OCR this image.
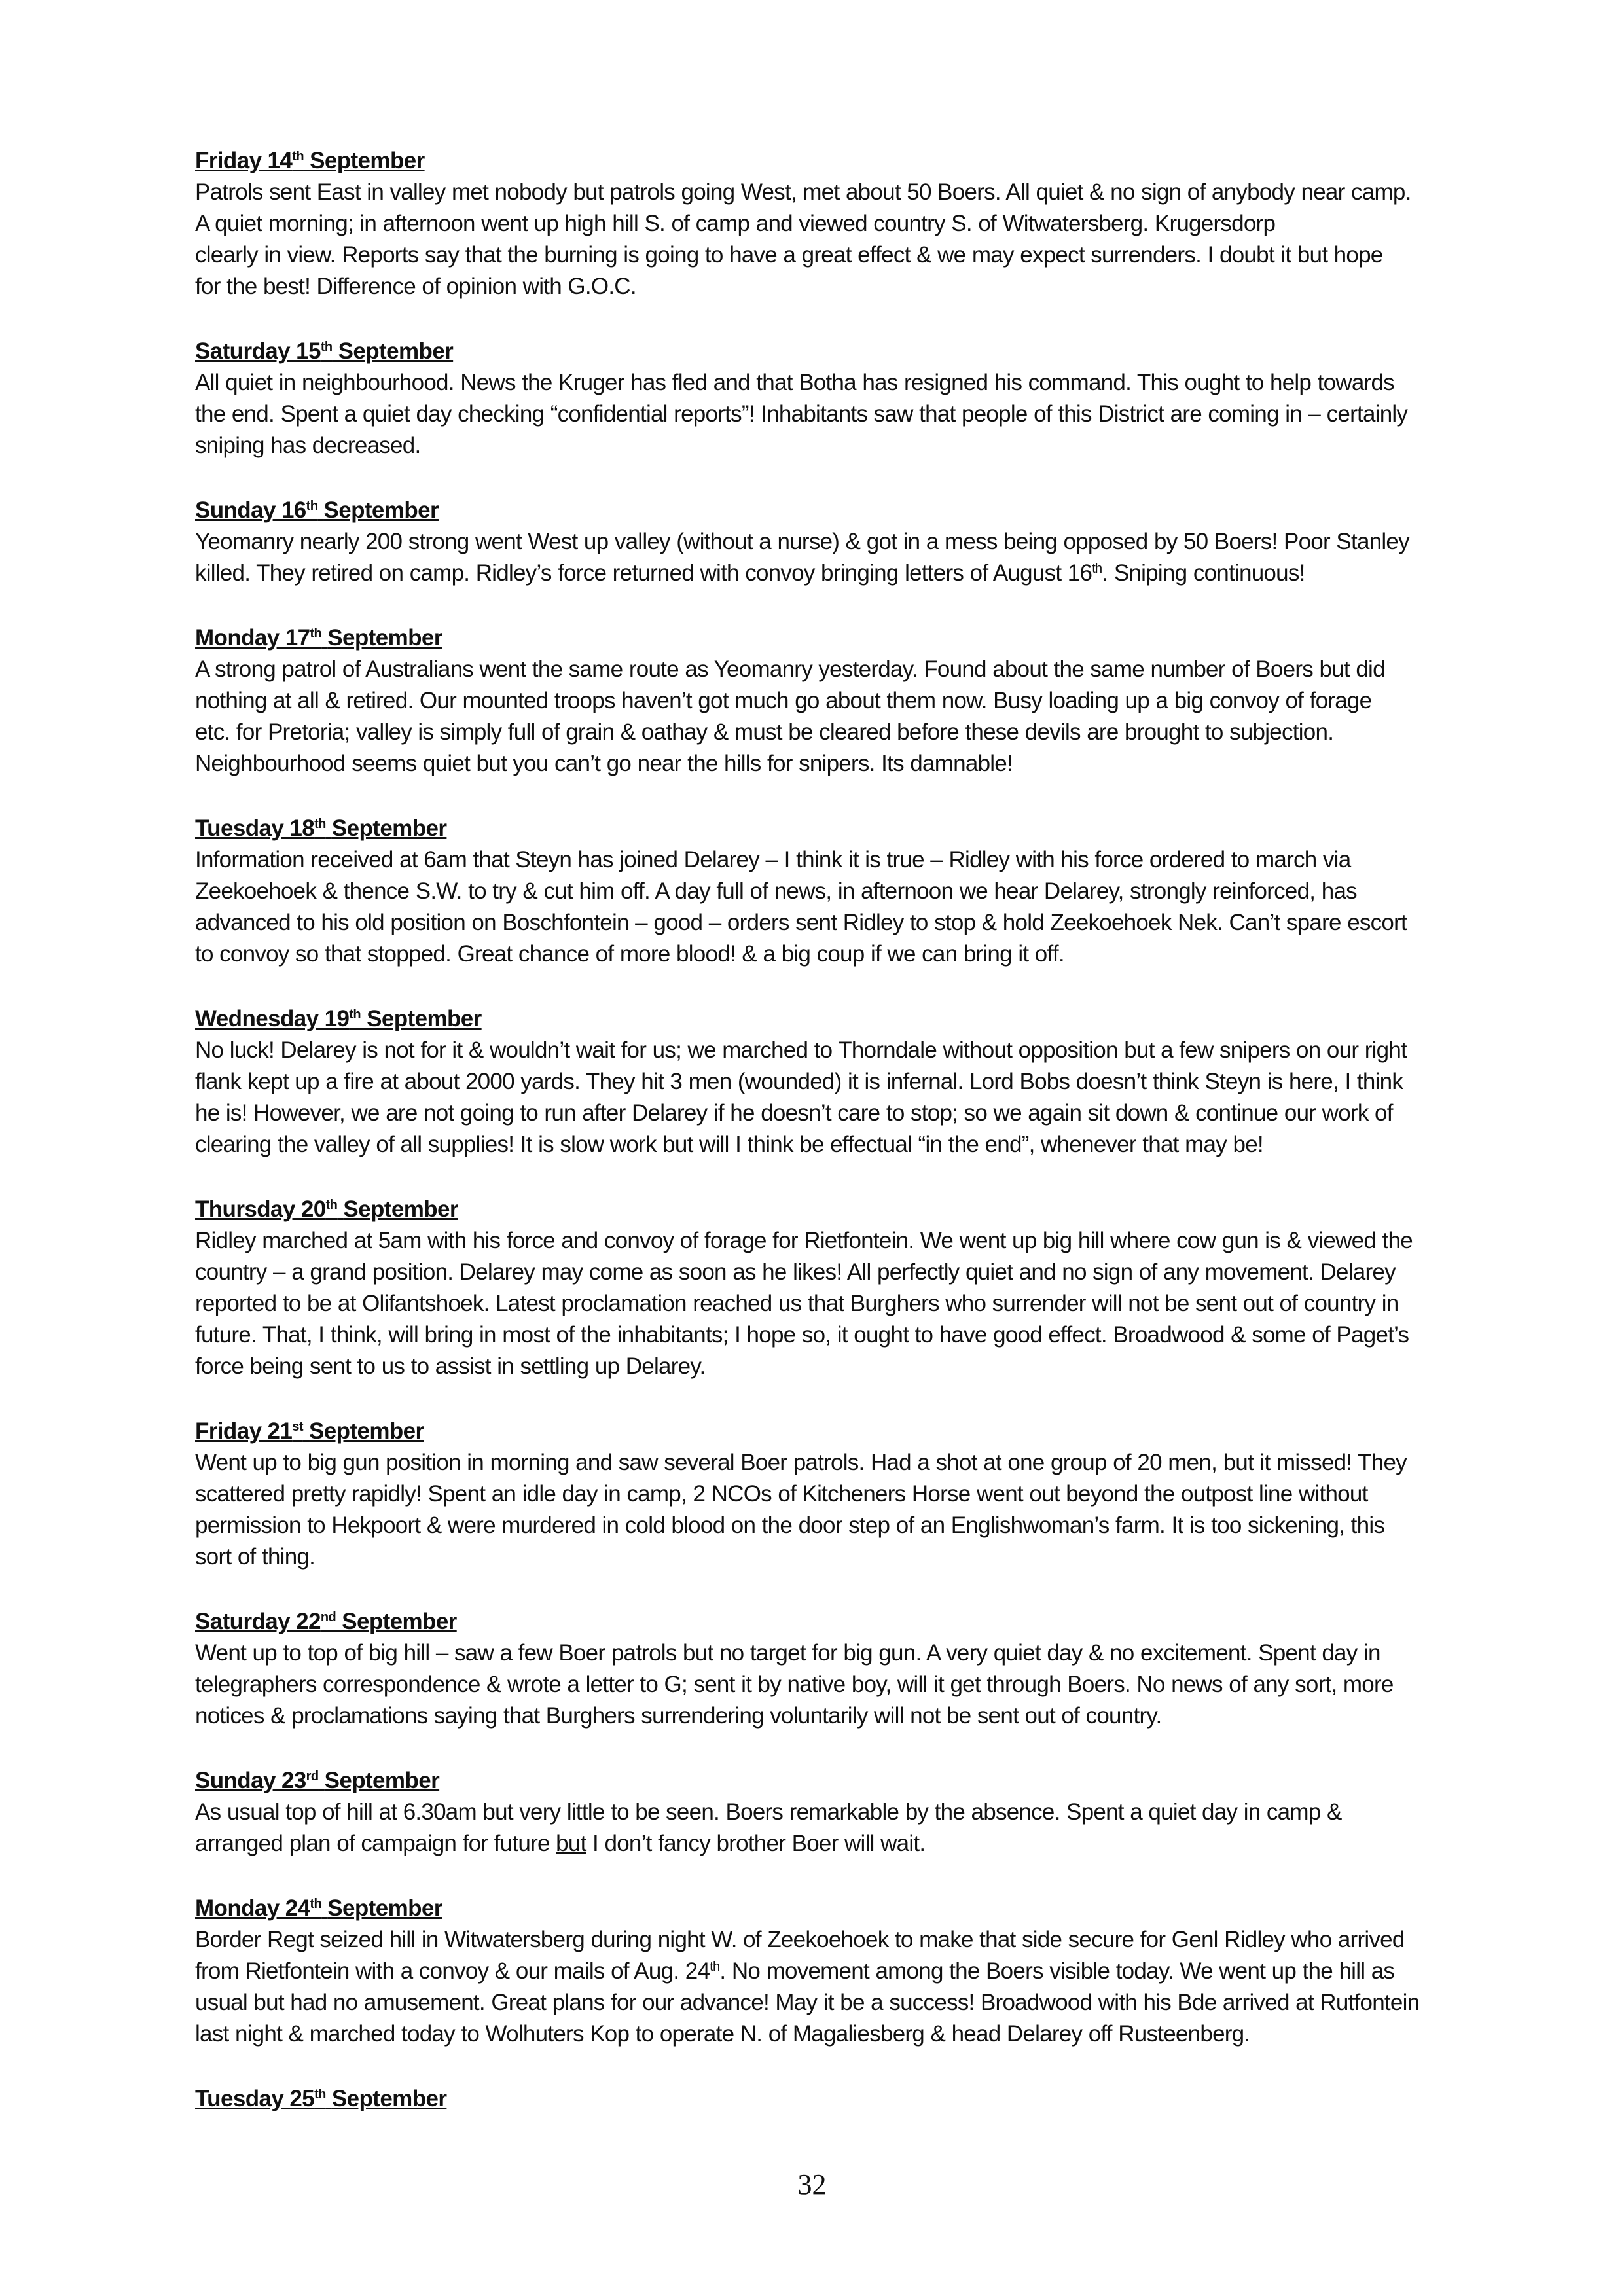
Friday 14th September
Patrols sent East in valley met nobody but patrols going West, met about 50 Boers. All quiet & no sign of anybody near camp.
A quiet morning; in afternoon went up high hill S. of camp and viewed country S. of Witwatersberg. Krugersdorp
clearly in view. Reports say that the burning is going to have a great effect & we may expect surrenders. I doubt it but hope
for the best! Difference of opinion with G.O.C.
Saturday 15th September
All quiet in neighbourhood. News the Kruger has fled and that Botha has resigned his command. This ought to help towards
the end. Spent a quiet day checking “confidential reports”! Inhabitants saw that people of this District are coming in – certainly
sniping has decreased.
Sunday 16th September
Yeomanry nearly 200 strong went West up valley (without a nurse) & got in a mess being opposed by 50 Boers! Poor Stanley
killed. They retired on camp. Ridley’s force returned with convoy bringing letters of August 16th. Sniping continuous!
Monday 17th September
A strong patrol of Australians went the same route as Yeomanry yesterday. Found about the same number of Boers but did
nothing at all & retired. Our mounted troops haven’t got much go about them now. Busy loading up a big convoy of forage
etc. for Pretoria; valley is simply full of grain & oathay & must be cleared before these devils are brought to subjection.
Neighbourhood seems quiet but you can’t go near the hills for snipers. Its damnable!
Tuesday 18th September
Information received at 6am that Steyn has joined Delarey – I think it is true – Ridley with his force ordered to march via
Zeekoehoek & thence S.W. to try & cut him off. A day full of news, in afternoon we hear Delarey, strongly reinforced, has
advanced to his old position on Boschfontein – good – orders sent Ridley to stop & hold Zeekoehoek Nek. Can’t spare escort
to convoy so that stopped. Great chance of more blood! & a big coup if we can bring it off.
Wednesday 19th September
No luck! Delarey is not for it & wouldn’t wait for us; we marched to Thorndale without opposition but a few snipers on our right
flank kept up a fire at about 2000 yards. They hit 3 men (wounded) it is infernal. Lord Bobs doesn’t think Steyn is here, I think
he is! However, we are not going to run after Delarey if he doesn’t care to stop; so we again sit down & continue our work of
clearing the valley of all supplies! It is slow work but will I think be effectual “in the end”, whenever that may be!
Thursday 20th September
Ridley marched at 5am with his force and convoy of forage for Rietfontein. We went up big hill where cow gun is & viewed the
country – a grand position. Delarey may come as soon as he likes! All perfectly quiet and no sign of any movement. Delarey
reported to be at Olifantshoek. Latest proclamation reached us that Burghers who surrender will not be sent out of country in
future. That, I think, will bring in most of the inhabitants; I hope so, it ought to have good effect. Broadwood & some of Paget’s
force being sent to us to assist in settling up Delarey.
Friday 21st September
Went up to big gun position in morning and saw several Boer patrols. Had a shot at one group of 20 men, but it missed! They
scattered pretty rapidly! Spent an idle day in camp, 2 NCOs of Kitcheners Horse went out beyond the outpost line without
permission to Hekpoort & were murdered in cold blood on the door step of an Englishwoman’s farm. It is too sickening, this
sort of thing.
Saturday 22nd September
Went up to top of big hill – saw a few Boer patrols but no target for big gun. A very quiet day & no excitement. Spent day in
telegraphers correspondence & wrote a letter to G; sent it by native boy, will it get through Boers. No news of any sort, more
notices & proclamations saying that Burghers surrendering voluntarily will not be sent out of country.
Sunday 23rd September
As usual top of hill at 6.30am but very little to be seen. Boers remarkable by the absence. Spent a quiet day in camp &
arranged plan of campaign for future but I don’t fancy brother Boer will wait.
Monday 24th September
Border Regt seized hill in Witwatersberg during night W. of Zeekoehoek to make that side secure for Genl Ridley who arrived
from Rietfontein with a convoy & our mails of Aug. 24th. No movement among the Boers visible today. We went up the hill as
usual but had no amusement. Great plans for our advance! May it be a success! Broadwood with his Bde arrived at Rutfontein
last night & marched today to Wolhuters Kop to operate N. of Magaliesberg & head Delarey off Rusteenberg.
Tuesday 25th September
32
